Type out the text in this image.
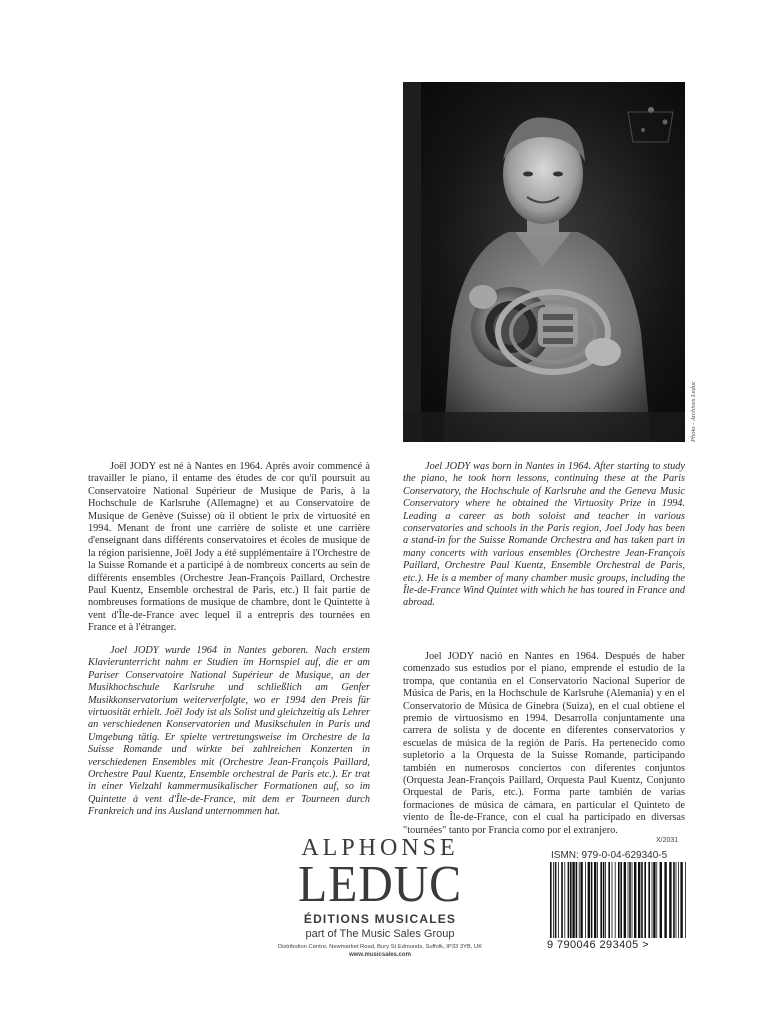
Photo - Archives Leduc

Joël JODY est né à Nantes en 1964. Après avoir commencé à travailler le piano, il entame des études de cor qu'il poursuit au Conservatoire National Supérieur de Musique de Paris, à la Hochschule de Karlsruhe (Allemagne) et au Conservatoire de Musique de Genève (Suisse) où il obtient le prix de virtuosité en 1994. Menant de front une carrière de soliste et une carrière d'enseignant dans différents conservatoires et écoles de musique de la région parisienne, Joël Jody a été supplémentaire à l'Orchestre de la Suisse Romande et a participé à de nombreux concerts au sein de différents ensembles (Orchestre Jean-François Paillard, Orchestre Paul Kuentz, Ensemble orchestral de Paris, etc.) Il fait partie de nombreuses formations de musique de chambre, dont le Quintette à vent d'Île-de-France avec lequel il a entrepris des tournées en France et à l'étranger.

Joel JODY was born in Nantes in 1964. After starting to study the piano, he took horn lessons, continuing these at the Paris Conservatory, the Hochschule of Karlsruhe and the Geneva Music Conservatory where he obtained the Virtuosity Prize in 1994. Leading a career as both soloist and teacher in various conservatories and schools in the Paris region, Joel Jody has been a stand-in for the Suisse Romande Orchestra and has taken part in many concerts with various ensembles (Orchestre Jean-François Paillard, Orchestre Paul Kuentz, Ensemble Orchestral de Paris, etc.). He is a member of many chamber music groups, including the Île-de-France Wind Quintet with which he has toured in France and abroad.

Joel JODY wurde 1964 in Nantes geboren. Nach erstem Klavierunterricht nahm er Studien im Hornspiel auf, die er am Pariser Conservatoire National Supérieur de Musique, an der Musikhochschule Karlsruhe und schließlich am Genfer Musikkonservatorium weiterverfolgte, wo er 1994 den Preis für virtuosität erhielt. Joël Jody ist als Solist und gleichzeitig als Lehrer an verschiedenen Konservatorien und Musikschulen in Paris und Umgebung tätig. Er spielte vertretungsweise im Orchestre de la Suisse Romande und wirkte bei zahlreichen Konzerten in verschiedenen Ensembles mit (Orchestre Jean-François Paillard, Orchestre Paul Kuentz, Ensemble orchestral de Paris etc.). Er trat in einer Vielzahl kammermusikalischer Formationen auf, so im Quintette à vent d'Île-de-France, mit dem er Tourneen durch Frankreich und ins Ausland unternommen hat.

Joel JODY nació en Nantes en 1964. Después de haber comenzado sus estudios por el piano, emprende el estudio de la trompa, que contanúa en el Conservatorio Nacional Superior de Música de Paris, en la Hochschule de Karlsruhe (Alemania) y en el Conservatorio de Música de Ginebra (Suiza), en el cual obtiene el premio de virtuosismo en 1994. Desarrolla conjuntamente una carrera de solista y de docente en diferentes conservatorios y escuelas de música de la región de París. Ha pertenecido como supletorio a la Orquesta de la Suisse Romande, participando también en numerosos conciertos con diferentes conjuntos (Orquesta Jean-François Paillard, Orquesta Paul Kuentz, Conjunto Orquestal de Paris, etc.). Forma parte también de varias formaciones de música de cámara, en particular el Quinteto de viento de Île-de-France, con el cual ha participado en diversas "tournées" tanto por Francia como por el extranjero.

ALPHONSE
LEDUC
ÉDITIONS MUSICALES
part of The Music Sales Group
Distribution Centre, Newmarket Road, Bury St Edmunds, Suffolk, IP33 3YB, UK
www.musicsales.com
X/2031
ISMN: 979-0-04-629340-5
9 790046 293405 >
